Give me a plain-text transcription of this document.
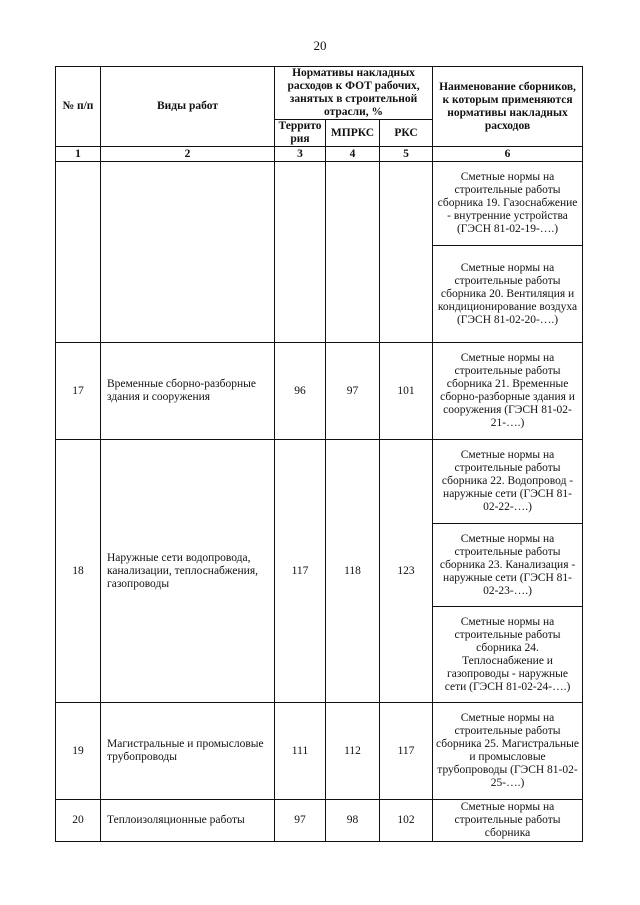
20
№ п/п	Виды работ	Нормативы накладных расходов к ФОТ рабочих, занятых в строительной отрасли, %			Наименование сборников, к которым применяются нормативы накладных расходов
		Террито рия	МПРКС	РКС	
1	2	3	4	5	6
					Сметные нормы на строительные работы сборника 19. Газоснабжение - внутренние устройства (ГЭСН 81-02-19-….)
					Сметные нормы на строительные работы сборника 20. Вентиляция и кондиционирование воздуха (ГЭСН 81-02-20-….)
17	Временные сборно-разборные здания и сооружения	96	97	101	Сметные нормы на строительные работы сборника 21. Временные сборно-разборные здания и сооружения (ГЭСН 81-02-21-….)
18	Наружные сети водопровода, канализации, теплоснабжения, газопроводы	117	118	123	Сметные нормы на строительные работы сборника 22. Водопровод - наружные сети (ГЭСН 81-02-22-….)
					Сметные нормы на строительные работы сборника 23. Канализация - наружные сети (ГЭСН 81-02-23-….)
					Сметные нормы на строительные работы сборника 24. Теплоснабжение и газопроводы - наружные сети (ГЭСН 81-02-24-….)
19	Магистральные и промысловые трубопроводы	111	112	117	Сметные нормы на строительные работы сборника 25. Магистральные и промысловые трубопроводы (ГЭСН 81-02-25-….)
20	Теплоизоляционные работы	97	98	102	Сметные нормы на строительные работы сборника
